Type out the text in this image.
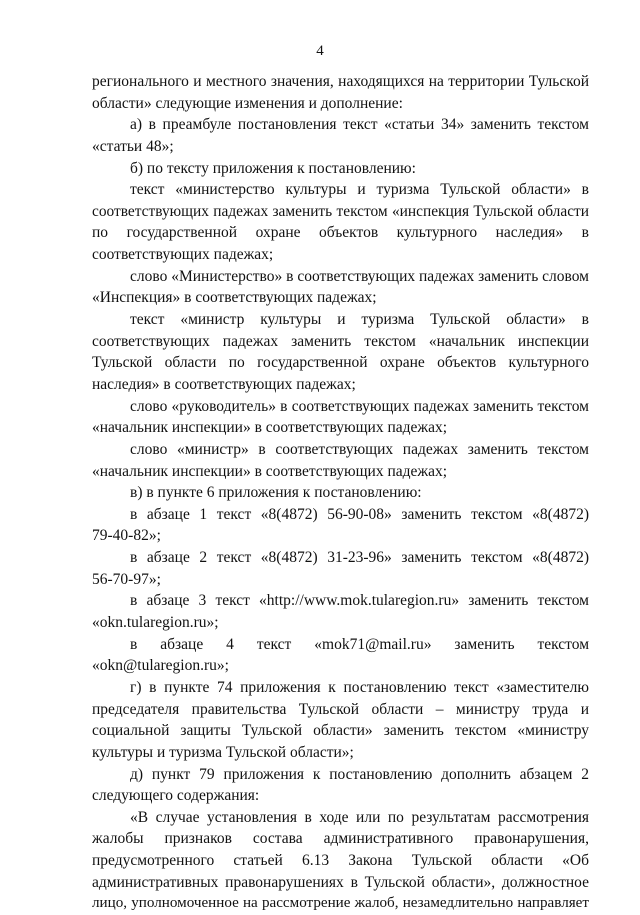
4
регионального и местного значения, находящихся на территории Тульской
области» следующие изменения и дополнение:
а) в преамбуле постановления текст «статьи 34» заменить текстом
«статьи 48»;
б) по тексту приложения к постановлению:
текст «министерство культуры и туризма Тульской области» в
соответствующих падежах заменить текстом «инспекция Тульской области
по государственной охране объектов культурного наследия» в
соответствующих падежах;
слово «Министерство» в соответствующих падежах заменить словом
«Инспекция» в соответствующих падежах;
текст «министр культуры и туризма Тульской области» в
соответствующих падежах заменить текстом «начальник инспекции
Тульской области по государственной охране объектов культурного
наследия» в соответствующих падежах;
слово «руководитель» в соответствующих падежах заменить текстом
«начальник инспекции» в соответствующих падежах;
слово «министр» в соответствующих падежах заменить текстом
«начальник инспекции» в соответствующих падежах;
в) в пункте 6 приложения к постановлению:
в абзаце 1 текст «8(4872) 56-90-08» заменить текстом «8(4872)
79-40-82»;
в абзаце 2 текст «8(4872) 31-23-96» заменить текстом «8(4872)
56-70-97»;
в абзаце 3 текст «http://www.mok.tularegion.ru» заменить текстом
«okn.tularegion.ru»;
в абзаце 4 текст «mok71@mail.ru» заменить текстом
«okn@tularegion.ru»;
г) в пункте 74 приложения к постановлению текст «заместителю
председателя правительства Тульской области – министру труда и
социальной защиты Тульской области» заменить текстом «министру
культуры и туризма Тульской области»;
д) пункт 79 приложения к постановлению дополнить абзацем 2
следующего содержания:
«В случае установления в ходе или по результатам рассмотрения
жалобы признаков состава административного правонарушения,
предусмотренного статьей 6.13 Закона Тульской области «Об
административных правонарушениях в Тульской области», должностное
лицо, уполномоченное на рассмотрение жалоб, незамедлительно направляет
